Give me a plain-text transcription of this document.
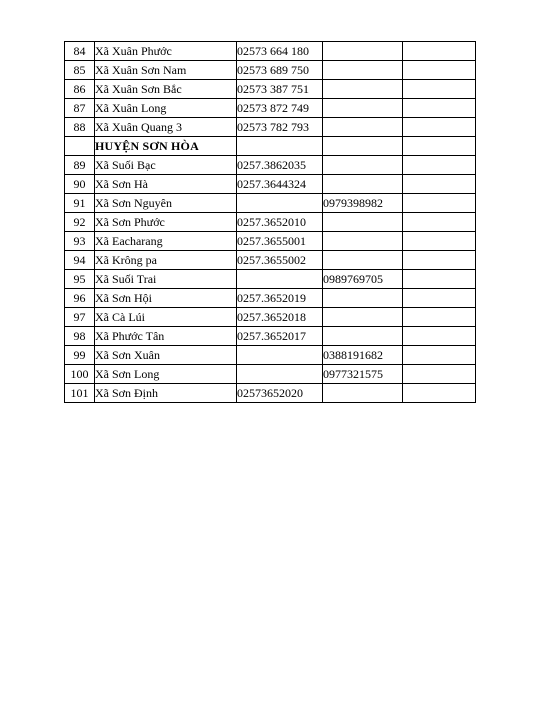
84	Xã Xuân Phước	02573 664 180		
85	Xã Xuân Sơn Nam	02573 689 750		
86	Xã Xuân Sơn Bắc	02573 387 751		
87	Xã Xuân Long	02573 872 749		
88	Xã Xuân Quang 3	02573 782 793		
	HUYỆN SƠN HÒA			
89	Xã Suối Bạc	0257.3862035		
90	Xã Sơn Hà	0257.3644324		
91	Xã Sơn Nguyên		0979398982	
92	Xã Sơn Phước	0257.3652010		
93	Xã Eacharang	0257.3655001		
94	Xã Krông pa	0257.3655002		
95	Xã Suối Trai		0989769705	
96	Xã Sơn Hội	0257.3652019		
97	Xã Cà Lúi	0257.3652018		
98	Xã Phước Tân	0257.3652017		
99	Xã Sơn Xuân		0388191682	
100	Xã Sơn Long		0977321575	
101	Xã Sơn Định	02573652020		
